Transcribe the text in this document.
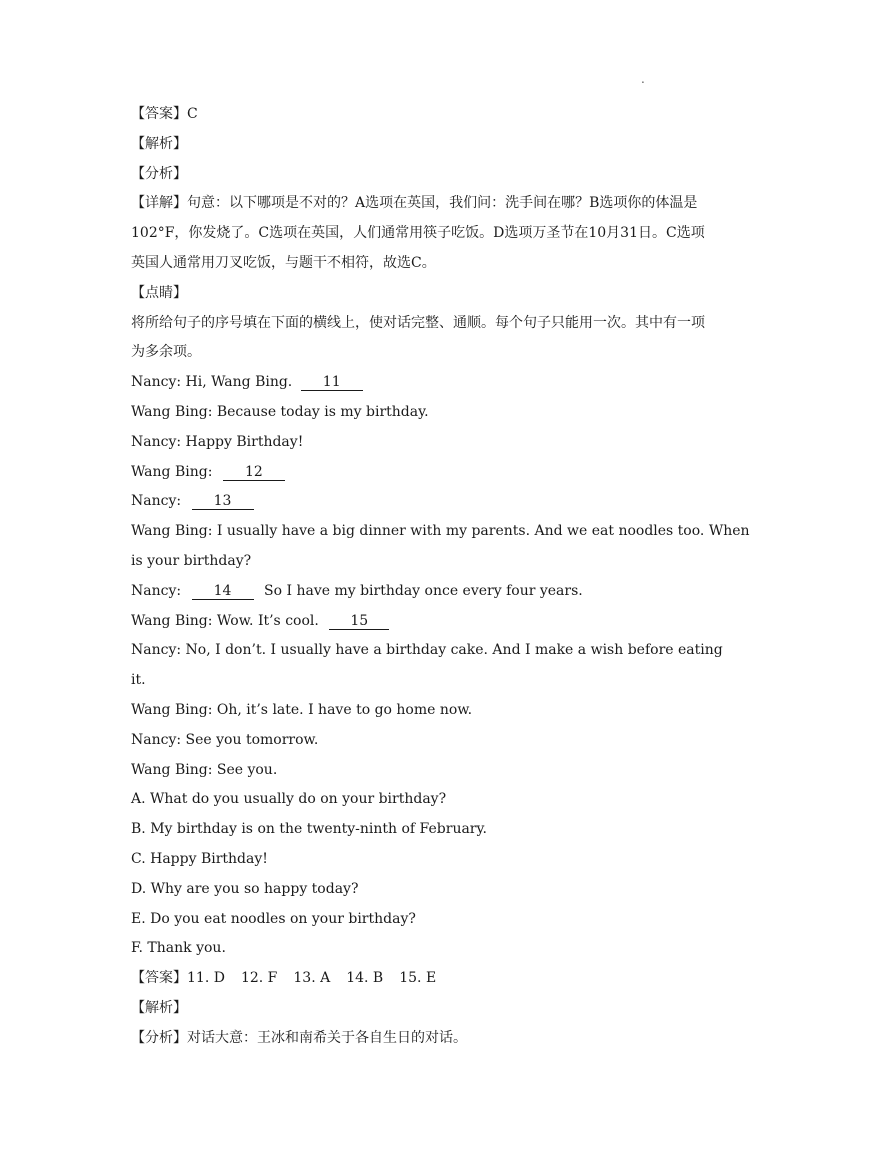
.
【答案】C
【解析】
【分析】
【详解】句意：以下哪项是不对的？A选项在英国，我们问：洗手间在哪？B选项你的体温是
102°F，你发烧了。C选项在英国，人们通常用筷子吃饭。D选项万圣节在10月31日。C选项
英国人通常用刀叉吃饭，与题干不相符，故选C。
【点睛】
将所给句子的序号填在下面的横线上，使对话完整、通顺。每个句子只能用一次。其中有一项
为多余项。
Nancy: Hi, Wang Bing. 11
Wang Bing: Because today is my birthday.
Nancy: Happy Birthday!
Wang Bing: 12
Nancy: 13
Wang Bing: I usually have a big dinner with my parents. And we eat noodles too. When
is your birthday?
Nancy: 14 So I have my birthday once every four years.
Wang Bing: Wow. It’s cool. 15
Nancy: No, I don’t. I usually have a birthday cake. And I make a wish before eating
it.
Wang Bing: Oh, it’s late. I have to go home now.
Nancy: See you tomorrow.
Wang Bing: See you.
A. What do you usually do on your birthday?
B. My birthday is on the twenty-ninth of February.
C. Happy Birthday!
D. Why are you so happy today?
E. Do you eat noodles on your birthday?
F. Thank you.
【答案】11. D 12. F 13. A 14. B 15. E
【解析】
【分析】对话大意：王冰和南希关于各自生日的对话。
